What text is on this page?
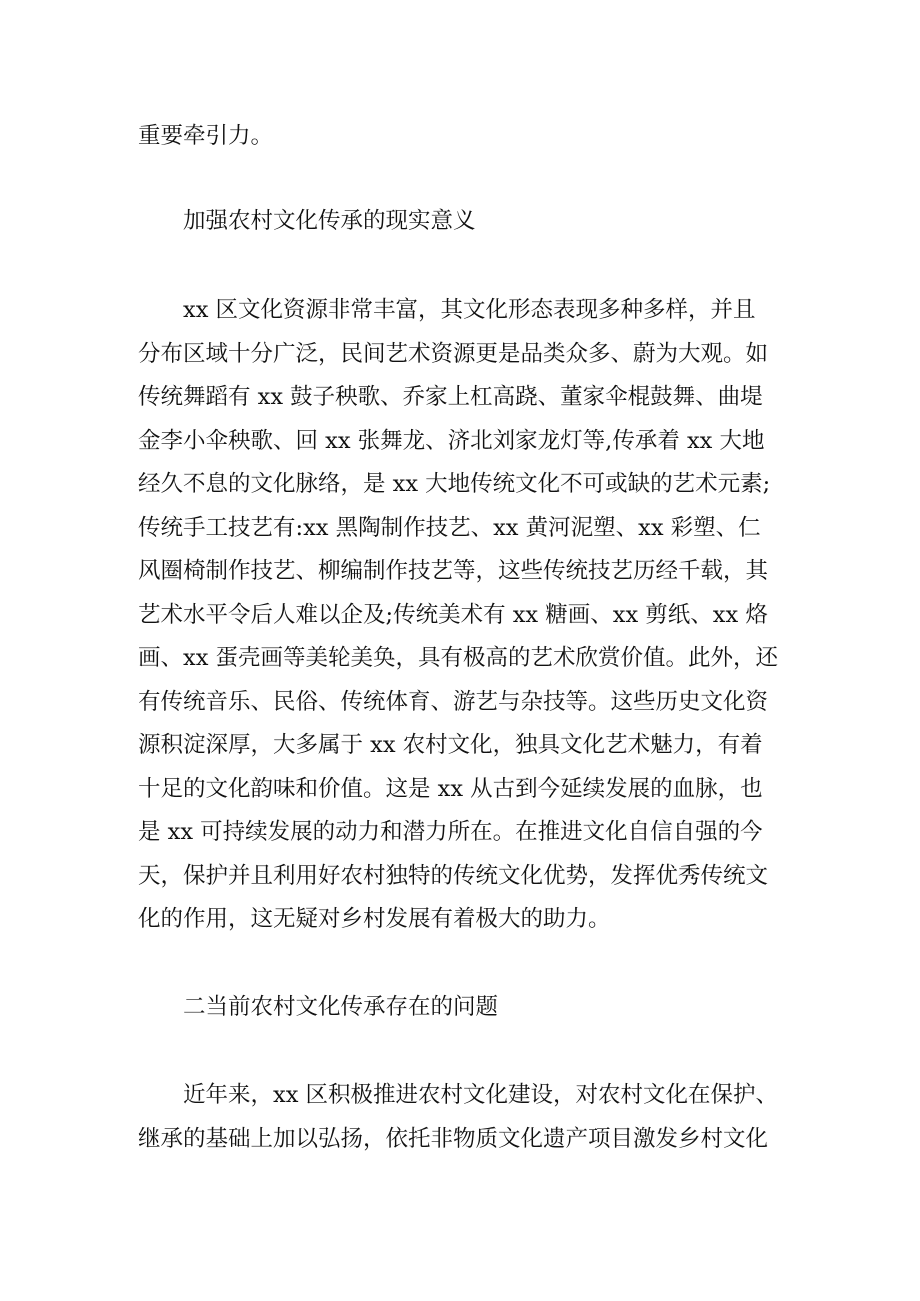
重要牵引力。
加强农村文化传承的现实意义
xx 区文化资源非常丰富，其文化形态表现多种多样，并且
分布区域十分广泛，民间艺术资源更是品类众多、蔚为大观。如
传统舞蹈有 xx 鼓子秧歌、乔家上杠高跷、董家伞棍鼓舞、曲堤
金李小伞秧歌、回 xx 张舞龙、济北刘家龙灯等,传承着 xx 大地
经久不息的文化脉络，是 xx 大地传统文化不可或缺的艺术元素;
传统手工技艺有:xx 黑陶制作技艺、xx 黄河泥塑、xx 彩塑、仁
风圈椅制作技艺、柳编制作技艺等，这些传统技艺历经千载，其
艺术水平令后人难以企及;传统美术有 xx 糖画、xx 剪纸、xx 烙
画、xx 蛋壳画等美轮美奂，具有极高的艺术欣赏价值。此外，还
有传统音乐、民俗、传统体育、游艺与杂技等。这些历史文化资
源积淀深厚，大多属于 xx 农村文化，独具文化艺术魅力，有着
十足的文化韵味和价值。这是 xx 从古到今延续发展的血脉，也
是 xx 可持续发展的动力和潜力所在。在推进文化自信自强的今
天，保护并且利用好农村独特的传统文化优势，发挥优秀传统文
化的作用，这无疑对乡村发展有着极大的助力。
二当前农村文化传承存在的问题
近年来，xx 区积极推进农村文化建设，对农村文化在保护、
继承的基础上加以弘扬，依托非物质文化遗产项目激发乡村文化
